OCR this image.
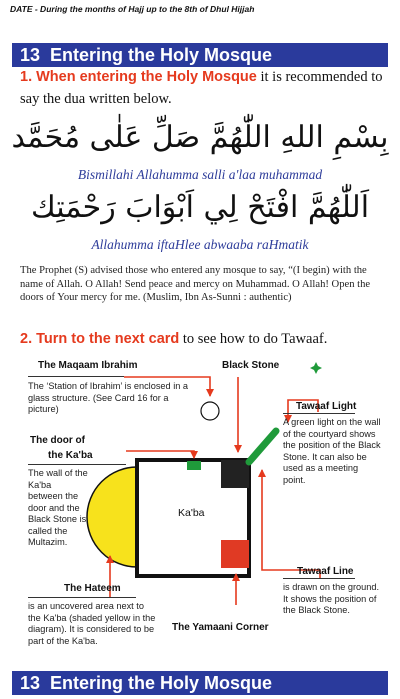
DATE - During the months of Hajj up to the 8th of Dhul Hijjah
13 Entering the Holy Mosque
1. When entering the Holy Mosque it is recommended to say the dua written below.
بِسْمِ اللهِ اللّٰهُمَّ صَلِّ عَلٰى مُحَمَّد
Bismillahi Allahumma salli a'laa muhammad
اَللّٰهُمَّ افْتَحْ لِي اَبْوَابَ رَحْمَتِك
Allahumma iftaHlee abwaaba raHmatik
The Prophet (S) advised those who entered any mosque to say, “(I begin) with the name of Allah. O Allah! Send peace and mercy on Muhammad. O Allah! Open the doors of Your mercy for me. (Muslim, Ibn As-Sunni : authentic)
2. Turn to the next card to see how to do Tawaaf.
The Maqaam Ibrahim
The ‘Station of Ibrahim’ is enclosed in a glass structure. (See Card 16 for a picture)
Black Stone
Tawaaf Light
A green light on the wall of the courtyard shows the position of the Black Stone. It can also be used as a meeting point.
The door of
the Ka'ba
The wall of the Ka'ba between the door and the Black Stone is called the Multazim.
Ka'ba
Tawaaf Line
is drawn on the ground. It shows the position of the Black Stone.
The Hateem
is an uncovered area next to the Ka'ba (shaded yellow in the diagram). It is considered to be part of the Ka'ba.
The Yamaani Corner
13 Entering the Holy Mosque
